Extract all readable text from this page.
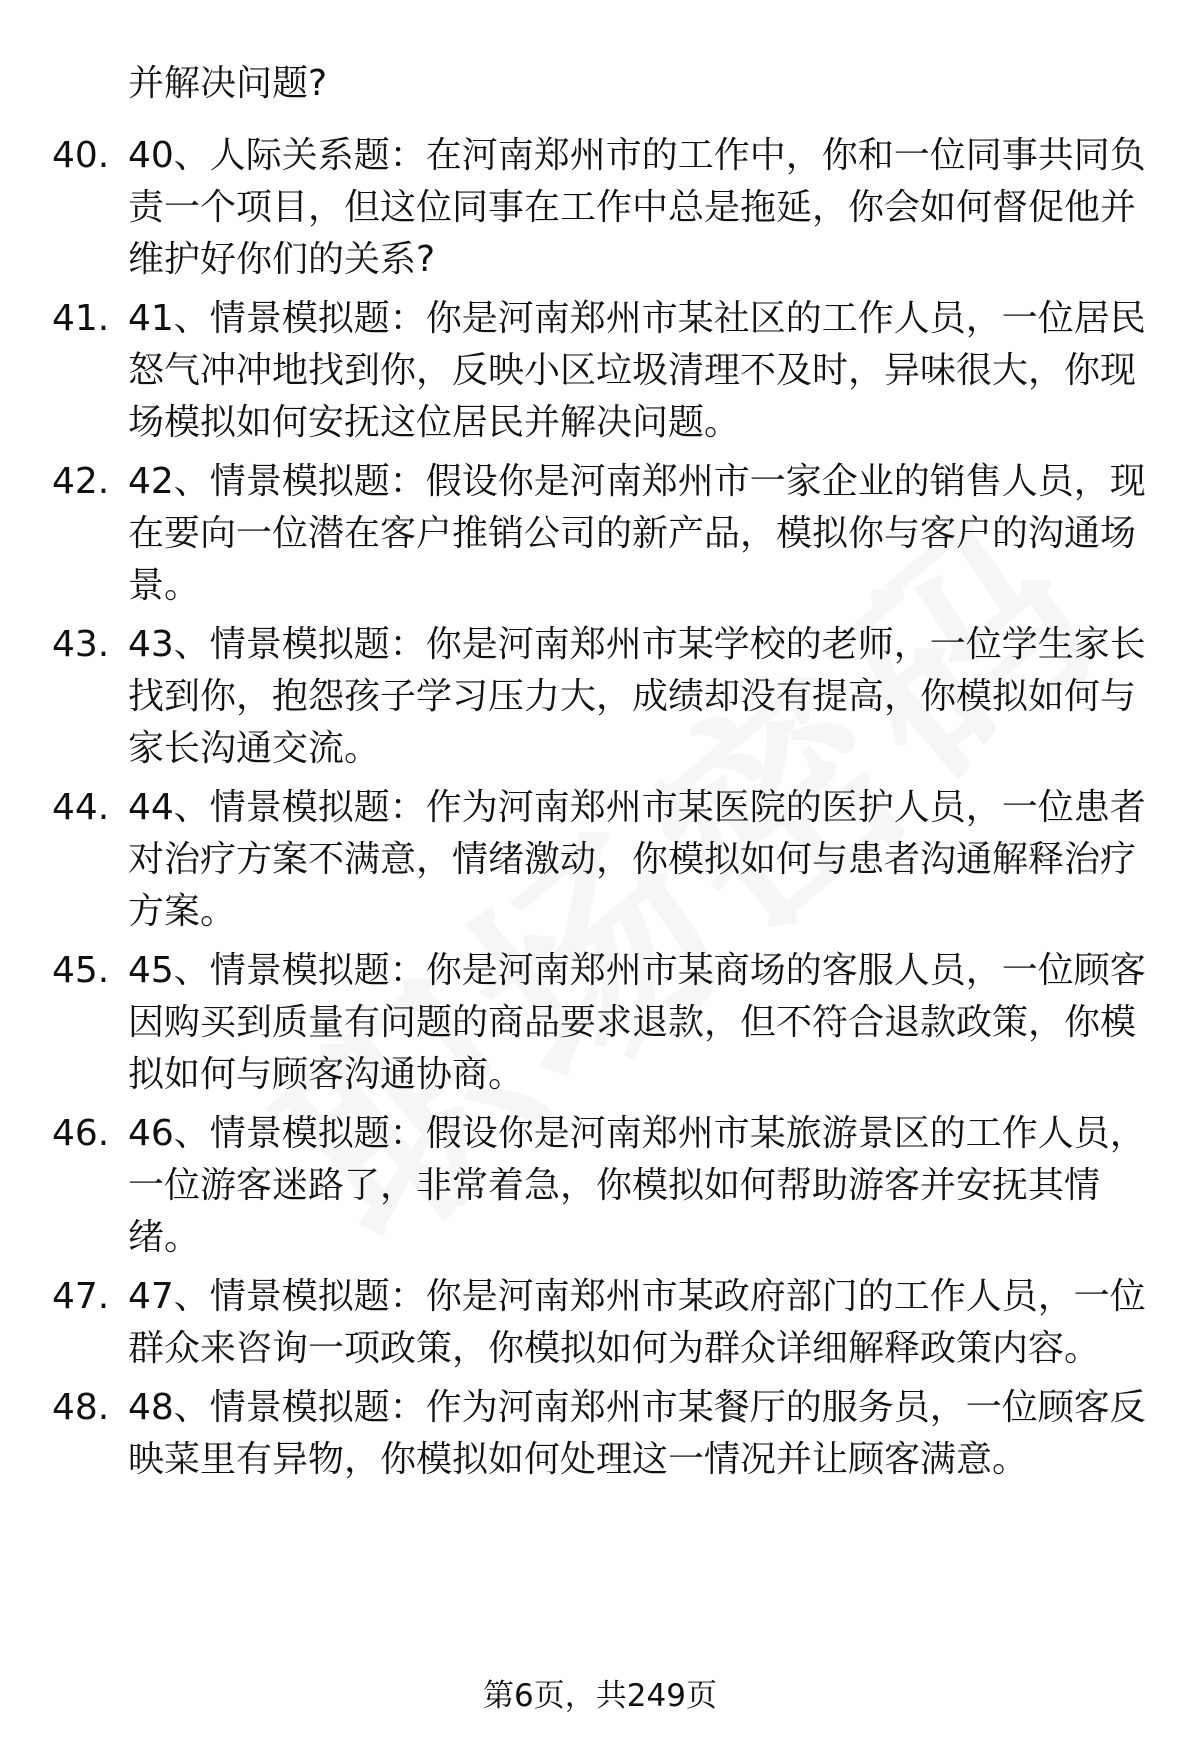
并解决问题?

40. 40、人际关系题：在河南郑州市的工作中，你和一位同事共同负责一个项目，但这位同事在工作中总是拖延，你会如何督促他并维护好你们的关系?
41. 41、情景模拟题：你是河南郑州市某社区的工作人员，一位居民怒气冲冲地找到你，反映小区垃圾清理不及时，异味很大，你现场模拟如何安抚这位居民并解决问题。
42. 42、情景模拟题：假设你是河南郑州市一家企业的销售人员，现在要向一位潜在客户推销公司的新产品，模拟你与客户的沟通场景。
43. 43、情景模拟题：你是河南郑州市某学校的老师，一位学生家长找到你，抱怨孩子学习压力大，成绩却没有提高，你模拟如何与家长沟通交流。
44. 44、情景模拟题：作为河南郑州市某医院的医护人员，一位患者对治疗方案不满意，情绪激动，你模拟如何与患者沟通解释治疗方案。
45. 45、情景模拟题：你是河南郑州市某商场的客服人员，一位顾客因购买到质量有问题的商品要求退款，但不符合退款政策，你模拟如何与顾客沟通协商。
46. 46、情景模拟题：假设你是河南郑州市某旅游景区的工作人员，一位游客迷路了，非常着急，你模拟如何帮助游客并安抚其情绪。
47. 47、情景模拟题：你是河南郑州市某政府部门的工作人员，一位群众来咨询一项政策，你模拟如何为群众详细解释政策内容。
48. 48、情景模拟题：作为河南郑州市某餐厅的服务员，一位顾客反映菜里有异物，你模拟如何处理这一情况并让顾客满意。
第6页，共249页
